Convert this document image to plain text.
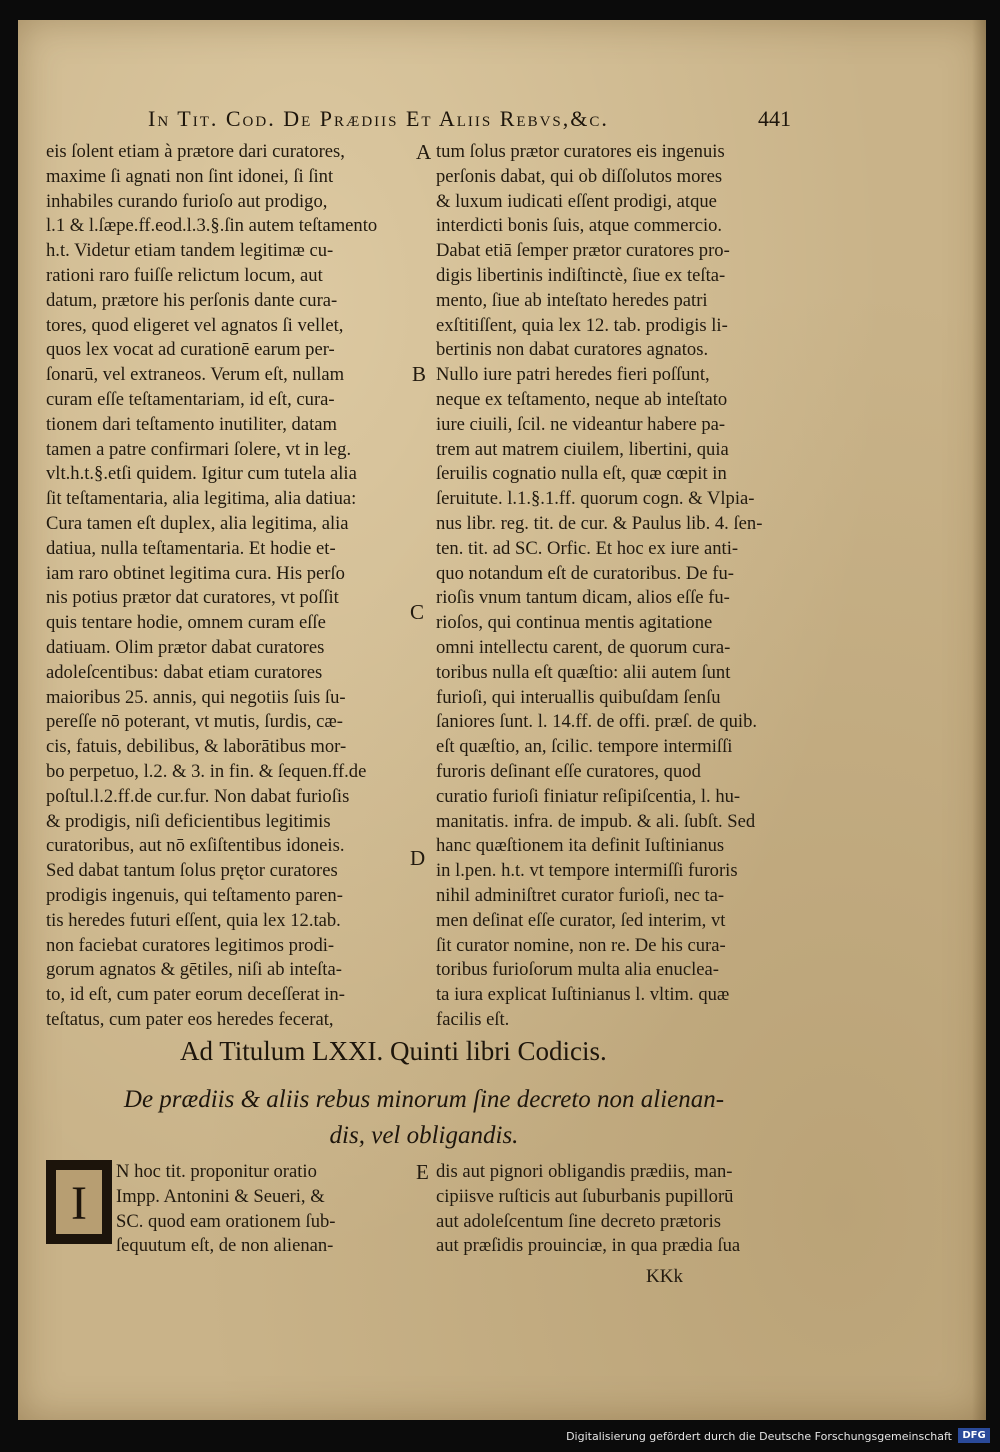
In Tit. Cod. De Prædiis Et Aliis Rebvs,&c.	441
eis ſolent etiam à prætore dari curatores,
maxime ſi agnati non ſint idonei, ſi ſint
inhabiles curando furioſo aut prodigo,
l.1 & l.ſæpe.ff.eod.l.3.§.ſin autem teſtamento
h.t. Videtur etiam tandem legitimæ cu-
rationi raro fuiſſe relictum locum, aut
datum, prætore his perſonis dante cura-
tores, quod eligeret vel agnatos ſi vellet,
quos lex vocat ad curationē earum per-
ſonarū, vel extraneos. Verum eſt, nullam
curam eſſe teſtamentariam, id eſt, cura-
tionem dari teſtamento inutiliter, datam
tamen a patre confirmari ſolere, vt in leg.
vlt.h.t.§.etſi quidem. Igitur cum tutela alia
ſit teſtamentaria, alia legitima, alia datiua:
Cura tamen eſt duplex, alia legitima, alia
datiua, nulla teſtamentaria. Et hodie et-
iam raro obtinet legitima cura. His perſo
nis potius prætor dat curatores, vt poſſit
quis tentare hodie, omnem curam eſſe
datiuam. Olim prætor dabat curatores
adoleſcentibus: dabat etiam curatores
maioribus 25. annis, qui negotiis ſuis ſu-
pereſſe nō poterant, vt mutis, ſurdis, cæ-
cis, fatuis, debilibus, & laborātibus mor-
bo perpetuo, l.2. & 3. in fin. & ſequen.ff.de
poſtul.l.2.ff.de cur.fur. Non dabat furioſis
& prodigis, niſi deficientibus legitimis
curatoribus, aut nō exſiſtentibus idoneis.
Sed dabat tantum ſolus prętor curatores
prodigis ingenuis, qui teſtamento paren-
tis heredes futuri eſſent, quia lex 12.tab.
non faciebat curatores legitimos prodi-
gorum agnatos & gētiles, niſi ab inteſta-
to, id eſt, cum pater eorum deceſſerat in-
teſtatus, cum pater eos heredes fecerat,
tum ſolus prætor curatores eis ingenuis
perſonis dabat, qui ob diſſolutos mores
& luxum iudicati eſſent prodigi, atque
interdicti bonis ſuis, atque commercio.
Dabat etiā ſemper prætor curatores pro-
digis libertinis indiſtinctè, ſiue ex teſta-
mento, ſiue ab inteſtato heredes patri
exſtitiſſent, quia lex 12. tab. prodigis li-
bertinis non dabat curatores agnatos.
Nullo iure patri heredes fieri poſſunt,
neque ex teſtamento, neque ab inteſtato
iure ciuili, ſcil. ne videantur habere pa-
trem aut matrem ciuilem, libertini, quia
ſeruilis cognatio nulla eſt, quæ cœpit in
ſeruitute. l.1.§.1.ff. quorum cogn. & Vlpia-
nus libr. reg. tit. de cur. & Paulus lib. 4. ſen-
ten. tit. ad SC. Orfic. Et hoc ex iure anti-
quo notandum eſt de curatoribus. De fu-
rioſis vnum tantum dicam, alios eſſe fu-
rioſos, qui continua mentis agitatione
omni intellectu carent, de quorum cura-
toribus nulla eſt quæſtio: alii autem ſunt
furioſi, qui interuallis quibuſdam ſenſu
ſaniores ſunt. l. 14.ff. de offi. præſ. de quib.
eſt quæſtio, an, ſcilic. tempore intermiſſi
furoris deſinant eſſe curatores, quod
curatio furioſi finiatur reſipiſcentia, l. hu-
manitatis. infra. de impub. & ali. ſubſt. Sed
hanc quæſtionem ita definit Iuſtinianus
in l.pen. h.t. vt tempore intermiſſi furoris
nihil adminiſtret curator furioſi, nec ta-
men deſinat eſſe curator, ſed interim, vt
ſit curator nomine, non re. De his cura-
toribus furioſorum multa alia enuclea-
ta iura explicat Iuſtinianus l. vltim. quæ
facilis eſt.
A
B
C
D
E
Ad Titulum LXXI. Quinti libri Codicis.
De prædiis & aliis rebus minorum ſine decreto non alienan-
dis, vel obligandis.
I
N hoc tit. proponitur oratio
Impp. Antonini & Seueri, &
SC. quod eam orationem ſub-
ſequutum eſt, de non alienan-
dis aut pignori obligandis prædiis, man-
cipiisve ruſticis aut ſuburbanis pupillorū
aut adoleſcentum ſine decreto prætoris
aut præſidis prouinciæ, in qua prædia ſua
KKk
Digitalisierung gefördert durch die Deutsche Forschungsgemeinschaft	DFG
